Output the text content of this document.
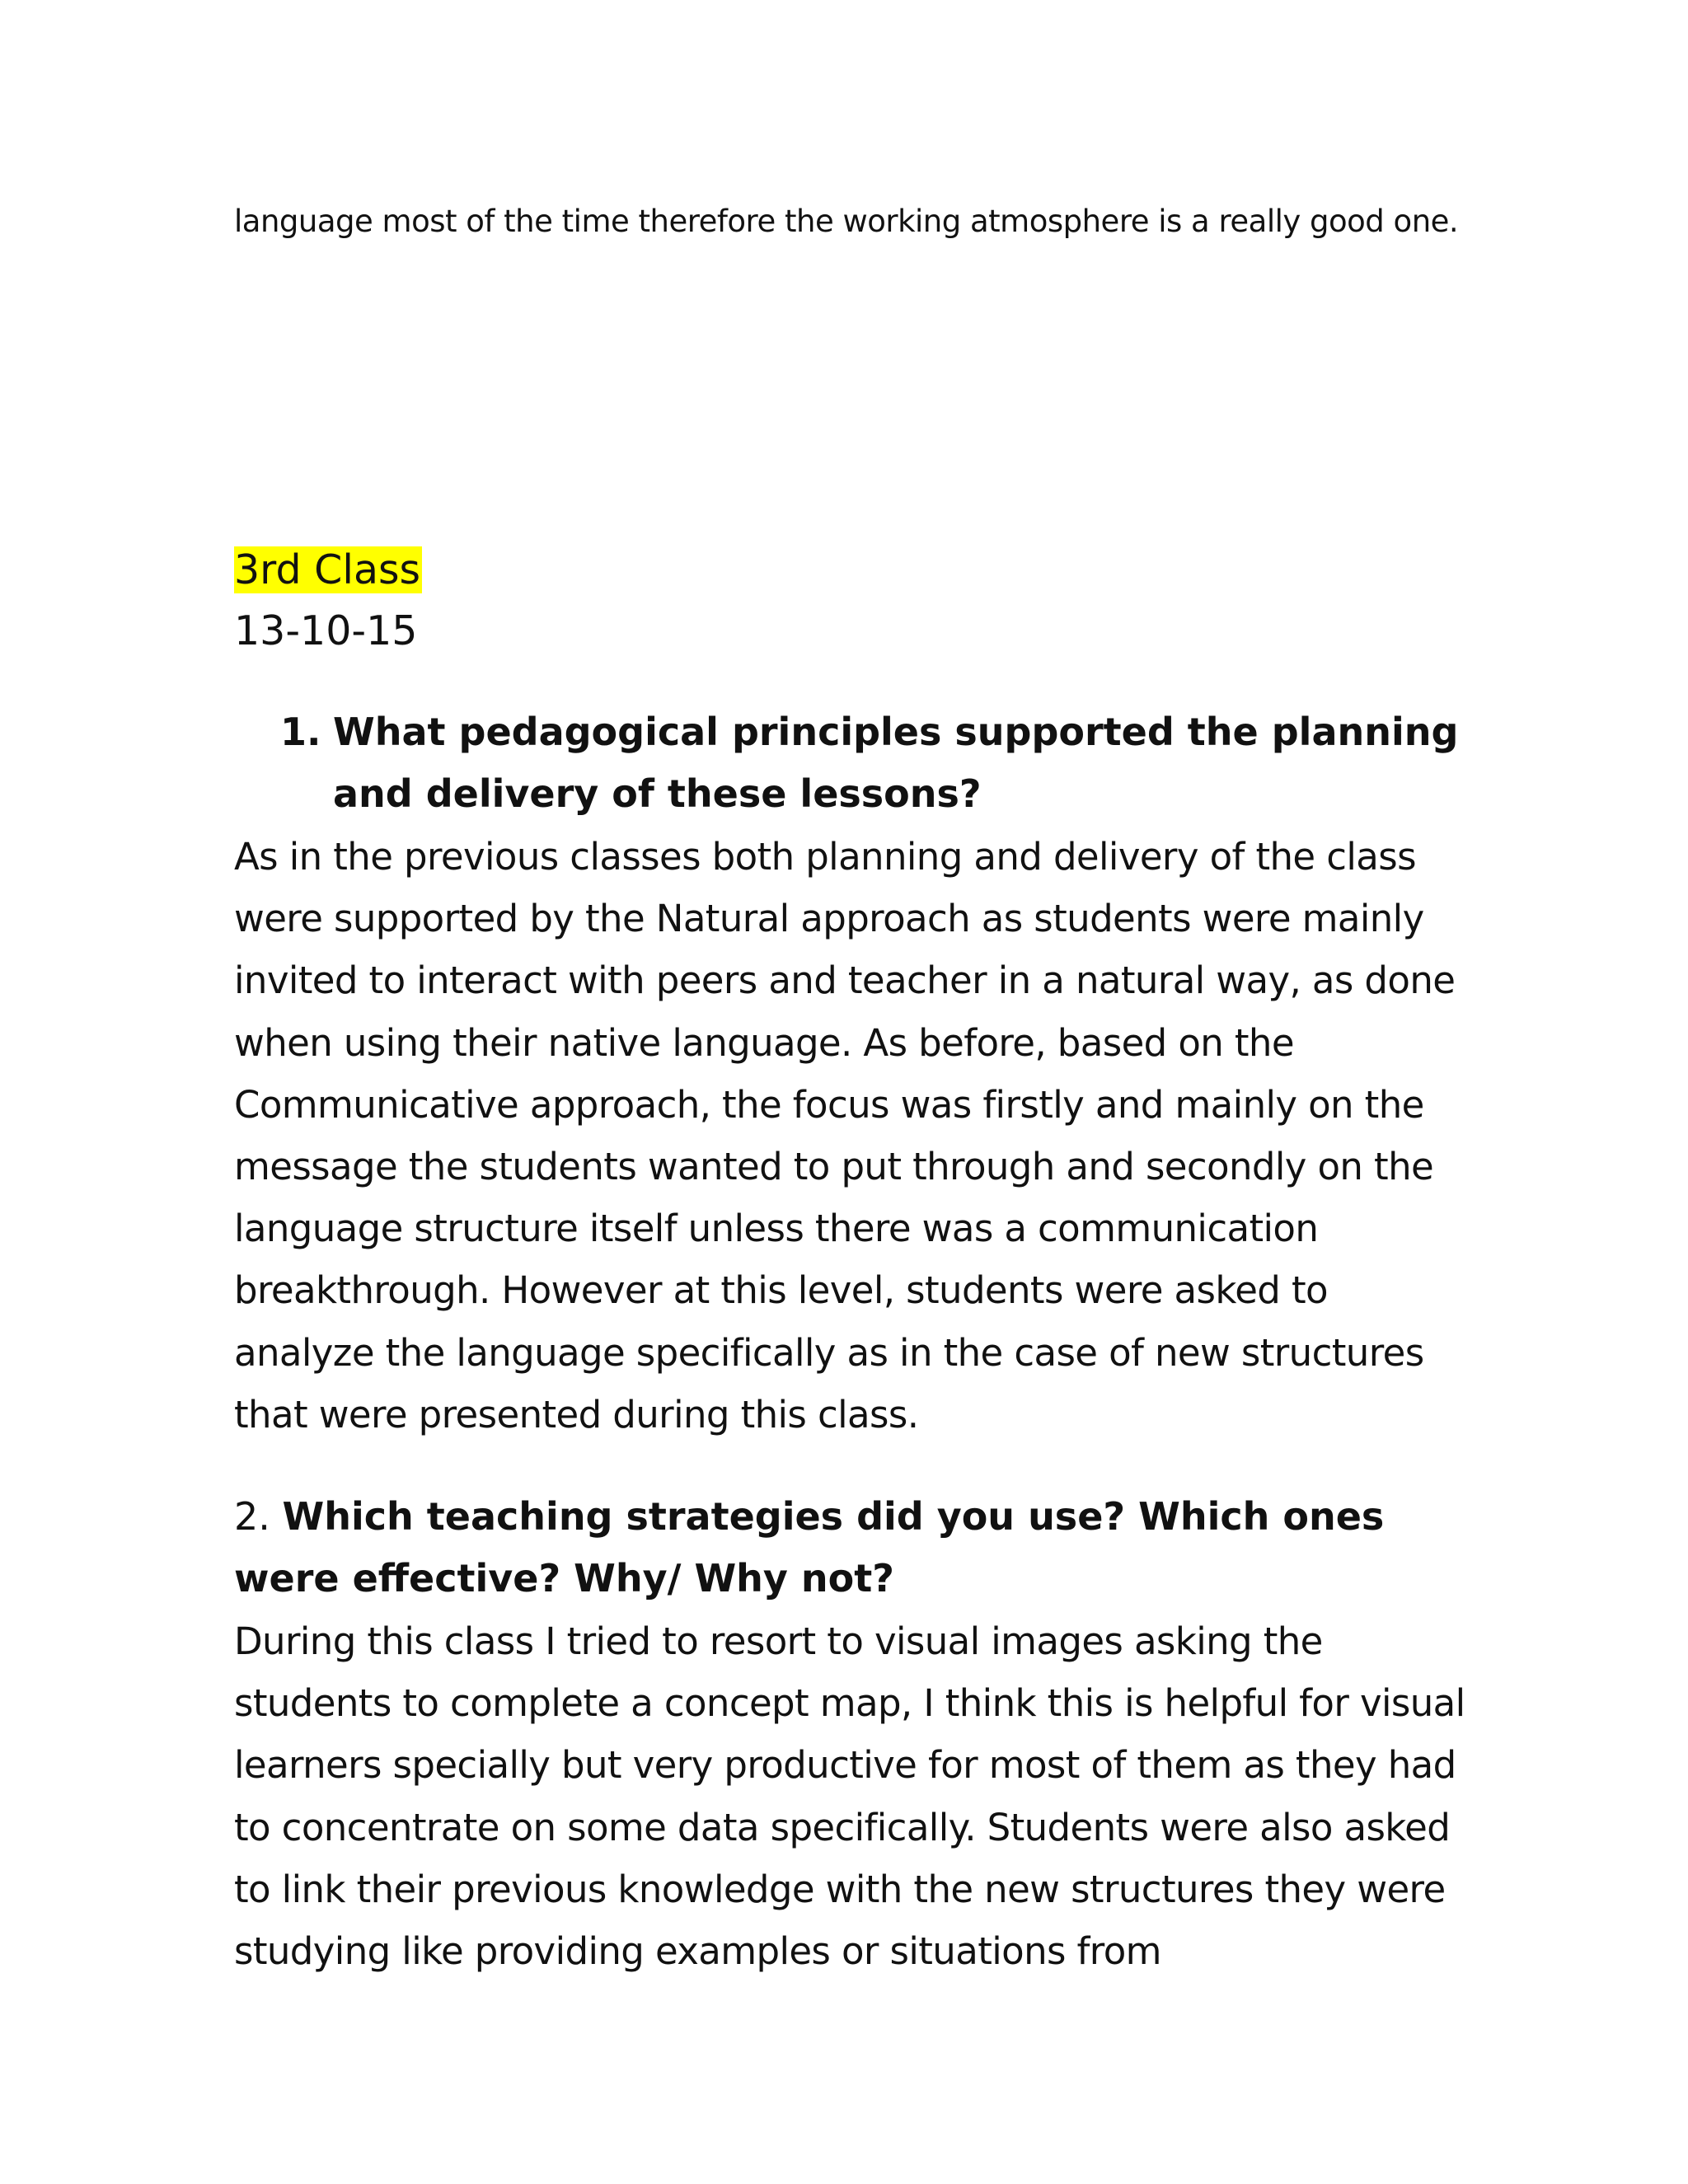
language most of the time therefore the working atmosphere is a really good one.

3rd Class
13-10-15
1. What pedagogical principles supported the planning and delivery of these lessons?

As in the previous classes both planning and delivery of the class were supported by the Natural approach as students were mainly invited to interact with peers and teacher in a natural way, as done when using their native language. As before, based on the Communicative approach, the focus was firstly and mainly on the message the students wanted to put through and secondly on the language structure itself unless there was a communication breakthrough. However at this level, students were asked to analyze the language specifically as in the case of new structures that were presented during this class.

2. Which teaching strategies did you use? Which ones were effective? Why/ Why not?

During this class I tried to resort to visual images asking the students to complete a concept map, I think this is helpful for visual learners specially but very productive for most of them as they had to concentrate on some data specifically. Students were also asked to link their previous knowledge with the new structures they were studying like providing examples or situations from
